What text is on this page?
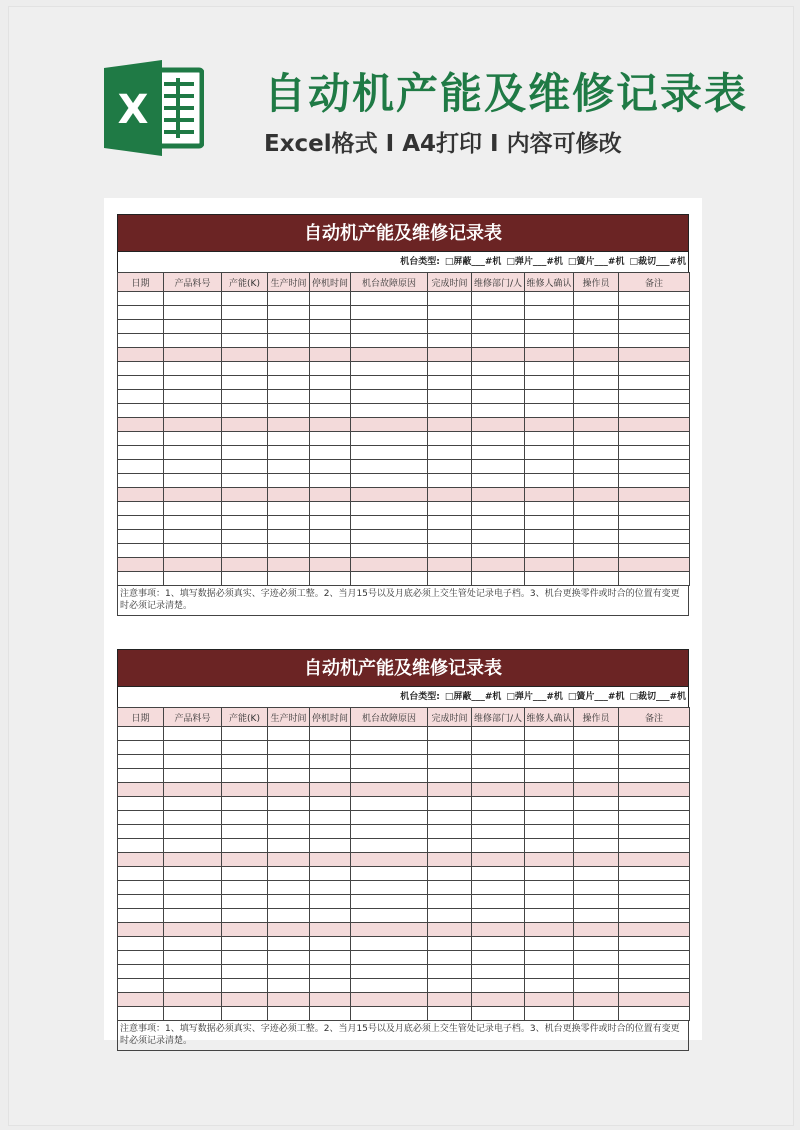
X	自动机产能及维修记录表
Excel格式 I A4打印 I 内容可修改
自动机产能及维修记录表
机台类型: □屏蔽___#机 □弹片___#机 □簧片___#机 □裁切___#机
日期	产品料号	产能(K)	生产时间	停机时间	机台故障原因	完成时间	维修部门/人	维修人确认	操作员	备注

注意事项：1、填写数据必须真实、字迹必须工整。2、当月15号以及月底必须上交生管处记录电子档。3、机台更换零件或时合的位置有变更时必须记录清楚。
自动机产能及维修记录表
机台类型: □屏蔽___#机 □弹片___#机 □簧片___#机 □裁切___#机
日期	产品料号	产能(K)	生产时间	停机时间	机台故障原因	完成时间	维修部门/人	维修人确认	操作员	备注

注意事项：1、填写数据必须真实、字迹必须工整。2、当月15号以及月底必须上交生管处记录电子档。3、机台更换零件或时合的位置有变更时必须记录清楚。
